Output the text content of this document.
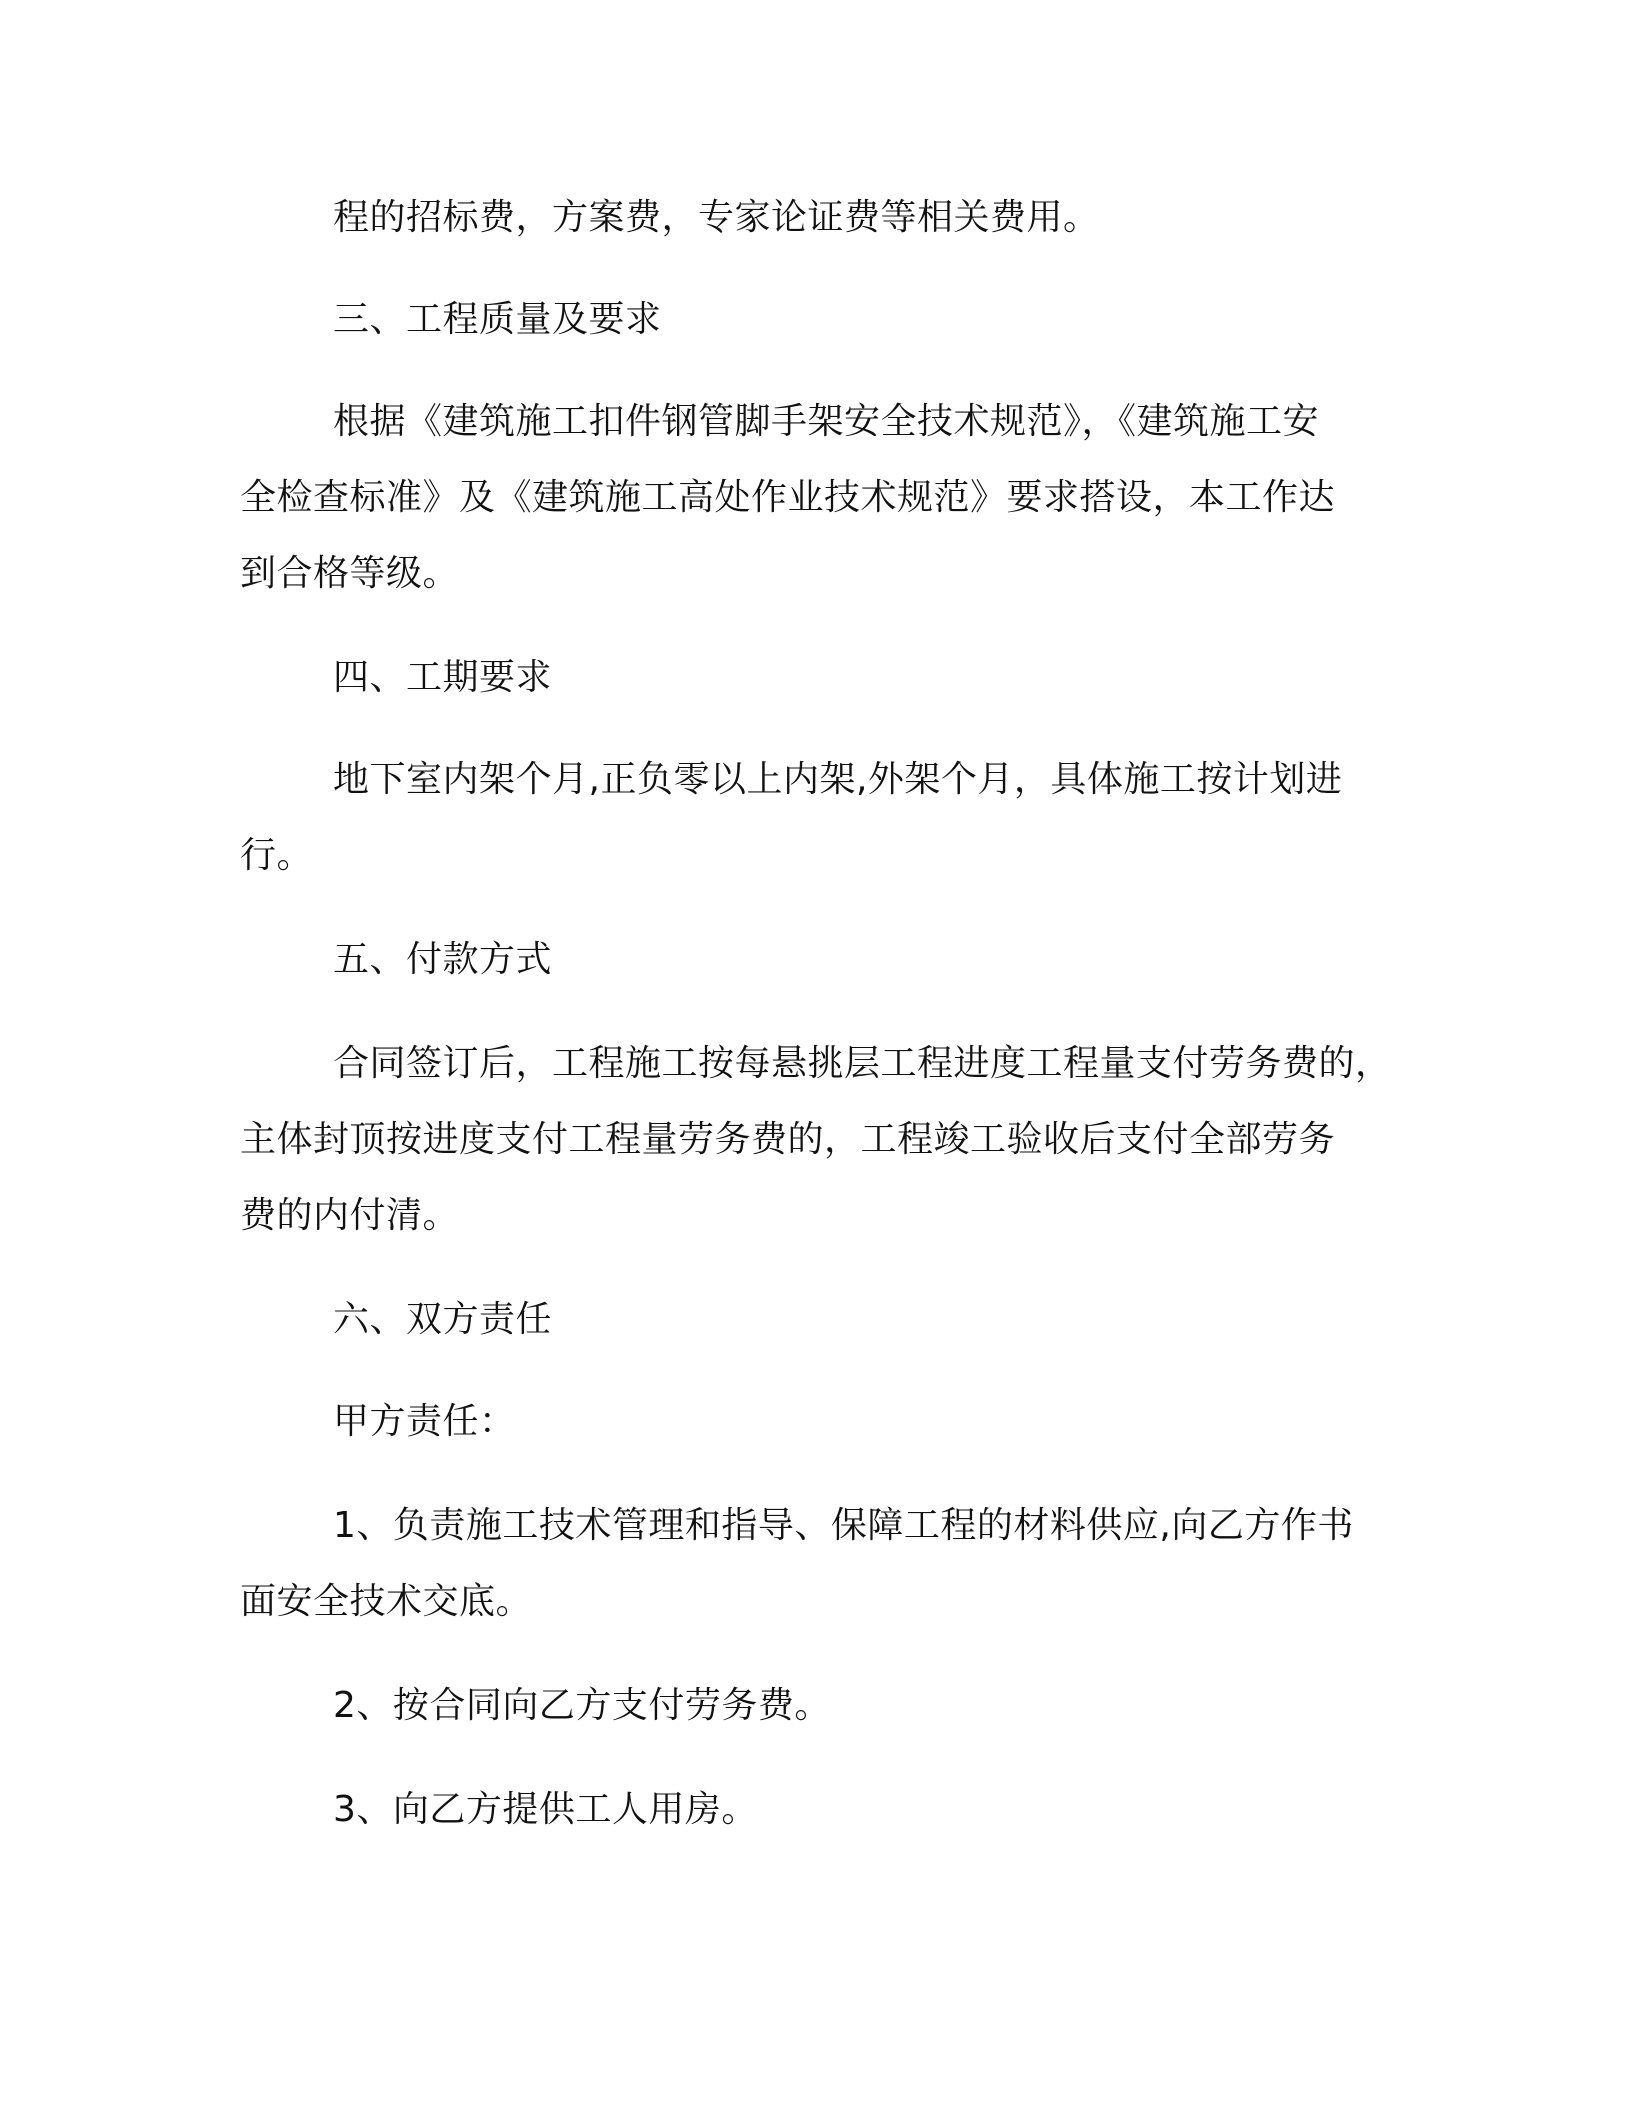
程的招标费，方案费，专家论证费等相关费用。
三、工程质量及要求
根据《建筑施工扣件钢管脚手架安全技术规范》，《建筑施工安
全检查标准》及《建筑施工高处作业技术规范》要求搭设，本工作达
到合格等级。
四、工期要求
地下室内架个月,正负零以上内架,外架个月，具体施工按计划进
行。
五、付款方式
合同签订后，工程施工按每悬挑层工程进度工程量支付劳务费的，
主体封顶按进度支付工程量劳务费的，工程竣工验收后支付全部劳务
费的内付清。
六、双方责任
甲方责任：
1、负责施工技术管理和指导、保障工程的材料供应,向乙方作书
面安全技术交底。
2、按合同向乙方支付劳务费。
3、向乙方提供工人用房。
